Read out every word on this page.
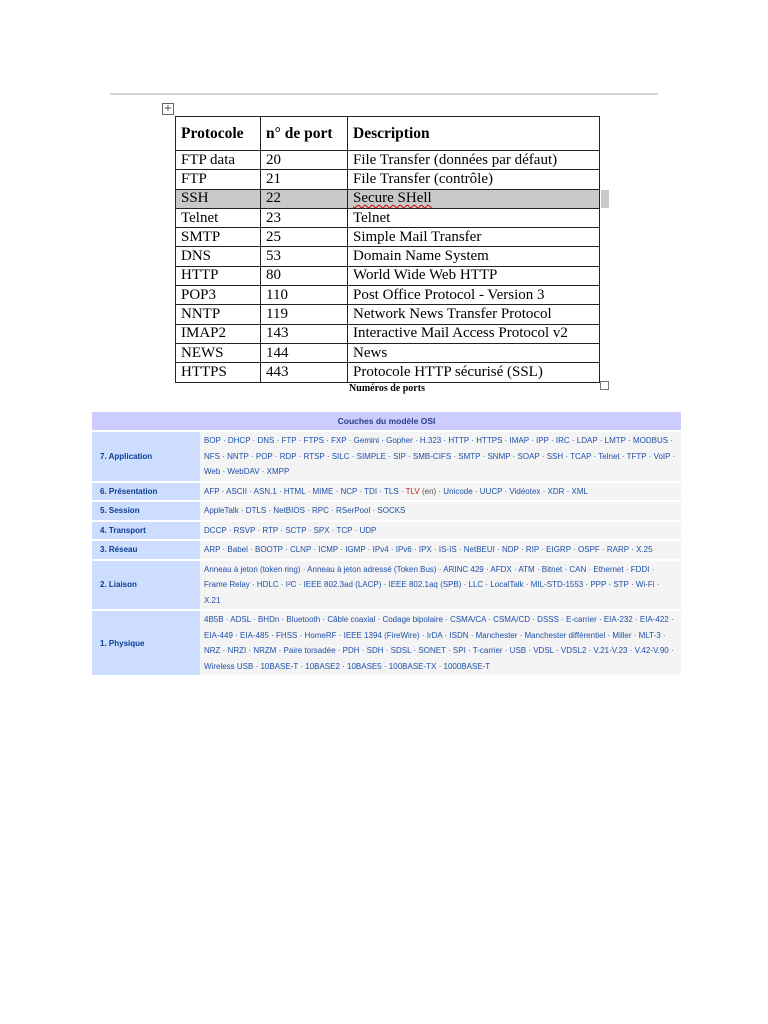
+
Protocole	n° de port	Description
FTP data	20	File Transfer (données par défaut)
FTP	21	File Transfer (contrôle)
SSH	22	Secure SHell
Telnet	23	Telnet
SMTP	25	Simple Mail Transfer
DNS	53	Domain Name System
HTTP	80	World Wide Web HTTP
POP3	110	Post Office Protocol - Version 3
NNTP	119	Network News Transfer Protocol
IMAP2	143	Interactive Mail Access Protocol v2
NEWS	144	News
HTTPS	443	Protocole HTTP sécurisé (SSL)
Numéros de ports
Couches du modèle OSI	
7. Application	BOP · DHCP · DNS · FTP · FTPS · FXP · Gemini · Gopher · H.323 · HTTP · HTTPS · IMAP · IPP · IRC · LDAP · LMTP · MODBUS · NFS · NNTP · POP · RDP · RTSP · SILC · SIMPLE · SIP · SMB-CIFS · SMTP · SNMP · SOAP · SSH · TCAP · Telnet · TFTP · VoIP · Web · WebDAV · XMPP
6. Présentation	AFP · ASCII · ASN.1 · HTML · MIME · NCP · TDI · TLS · TLV (en) · Unicode · UUCP · Vidéotex · XDR · XML
5. Session	AppleTalk · DTLS · NetBIOS · RPC · RSerPool · SOCKS
4. Transport	DCCP · RSVP · RTP · SCTP · SPX · TCP · UDP
3. Réseau	ARP · Babel · BOOTP · CLNP · ICMP · IGMP · IPv4 · IPv6 · IPX · IS-IS · NetBEUI · NDP · RIP · EIGRP · OSPF · RARP · X.25
2. Liaison	Anneau à jeton (token ring) · Anneau à jeton adressé (Token Bus) · ARINC 429 · AFDX · ATM · Bitnet · CAN · Ethernet · FDDI · Frame Relay · HDLC · I²C · IEEE 802.3ad (LACP) · IEEE 802.1aq (SPB) · LLC · LocalTalk · MIL-STD-1553 · PPP · STP · Wi-Fi · X.21
1. Physique	4B5B · ADSL · BHDn · Bluetooth · Câble coaxial · Codage bipolaire · CSMA/CA · CSMA/CD · DSSS · E-carrier · EIA-232 · EIA-422 · EIA-449 · EIA-485 · FHSS · HomeRF · IEEE 1394 (FireWire) · IrDA · ISDN · Manchester · Manchester différentiel · Miller · MLT-3 · NRZ · NRZI · NRZM · Paire torsadée · PDH · SDH · SDSL · SONET · SPI · T-carrier · USB · VDSL · VDSL2 · V.21-V.23 · V.42-V.90 · Wireless USB · 10BASE-T · 10BASE2 · 10BASE5 · 100BASE-TX · 1000BASE-T
